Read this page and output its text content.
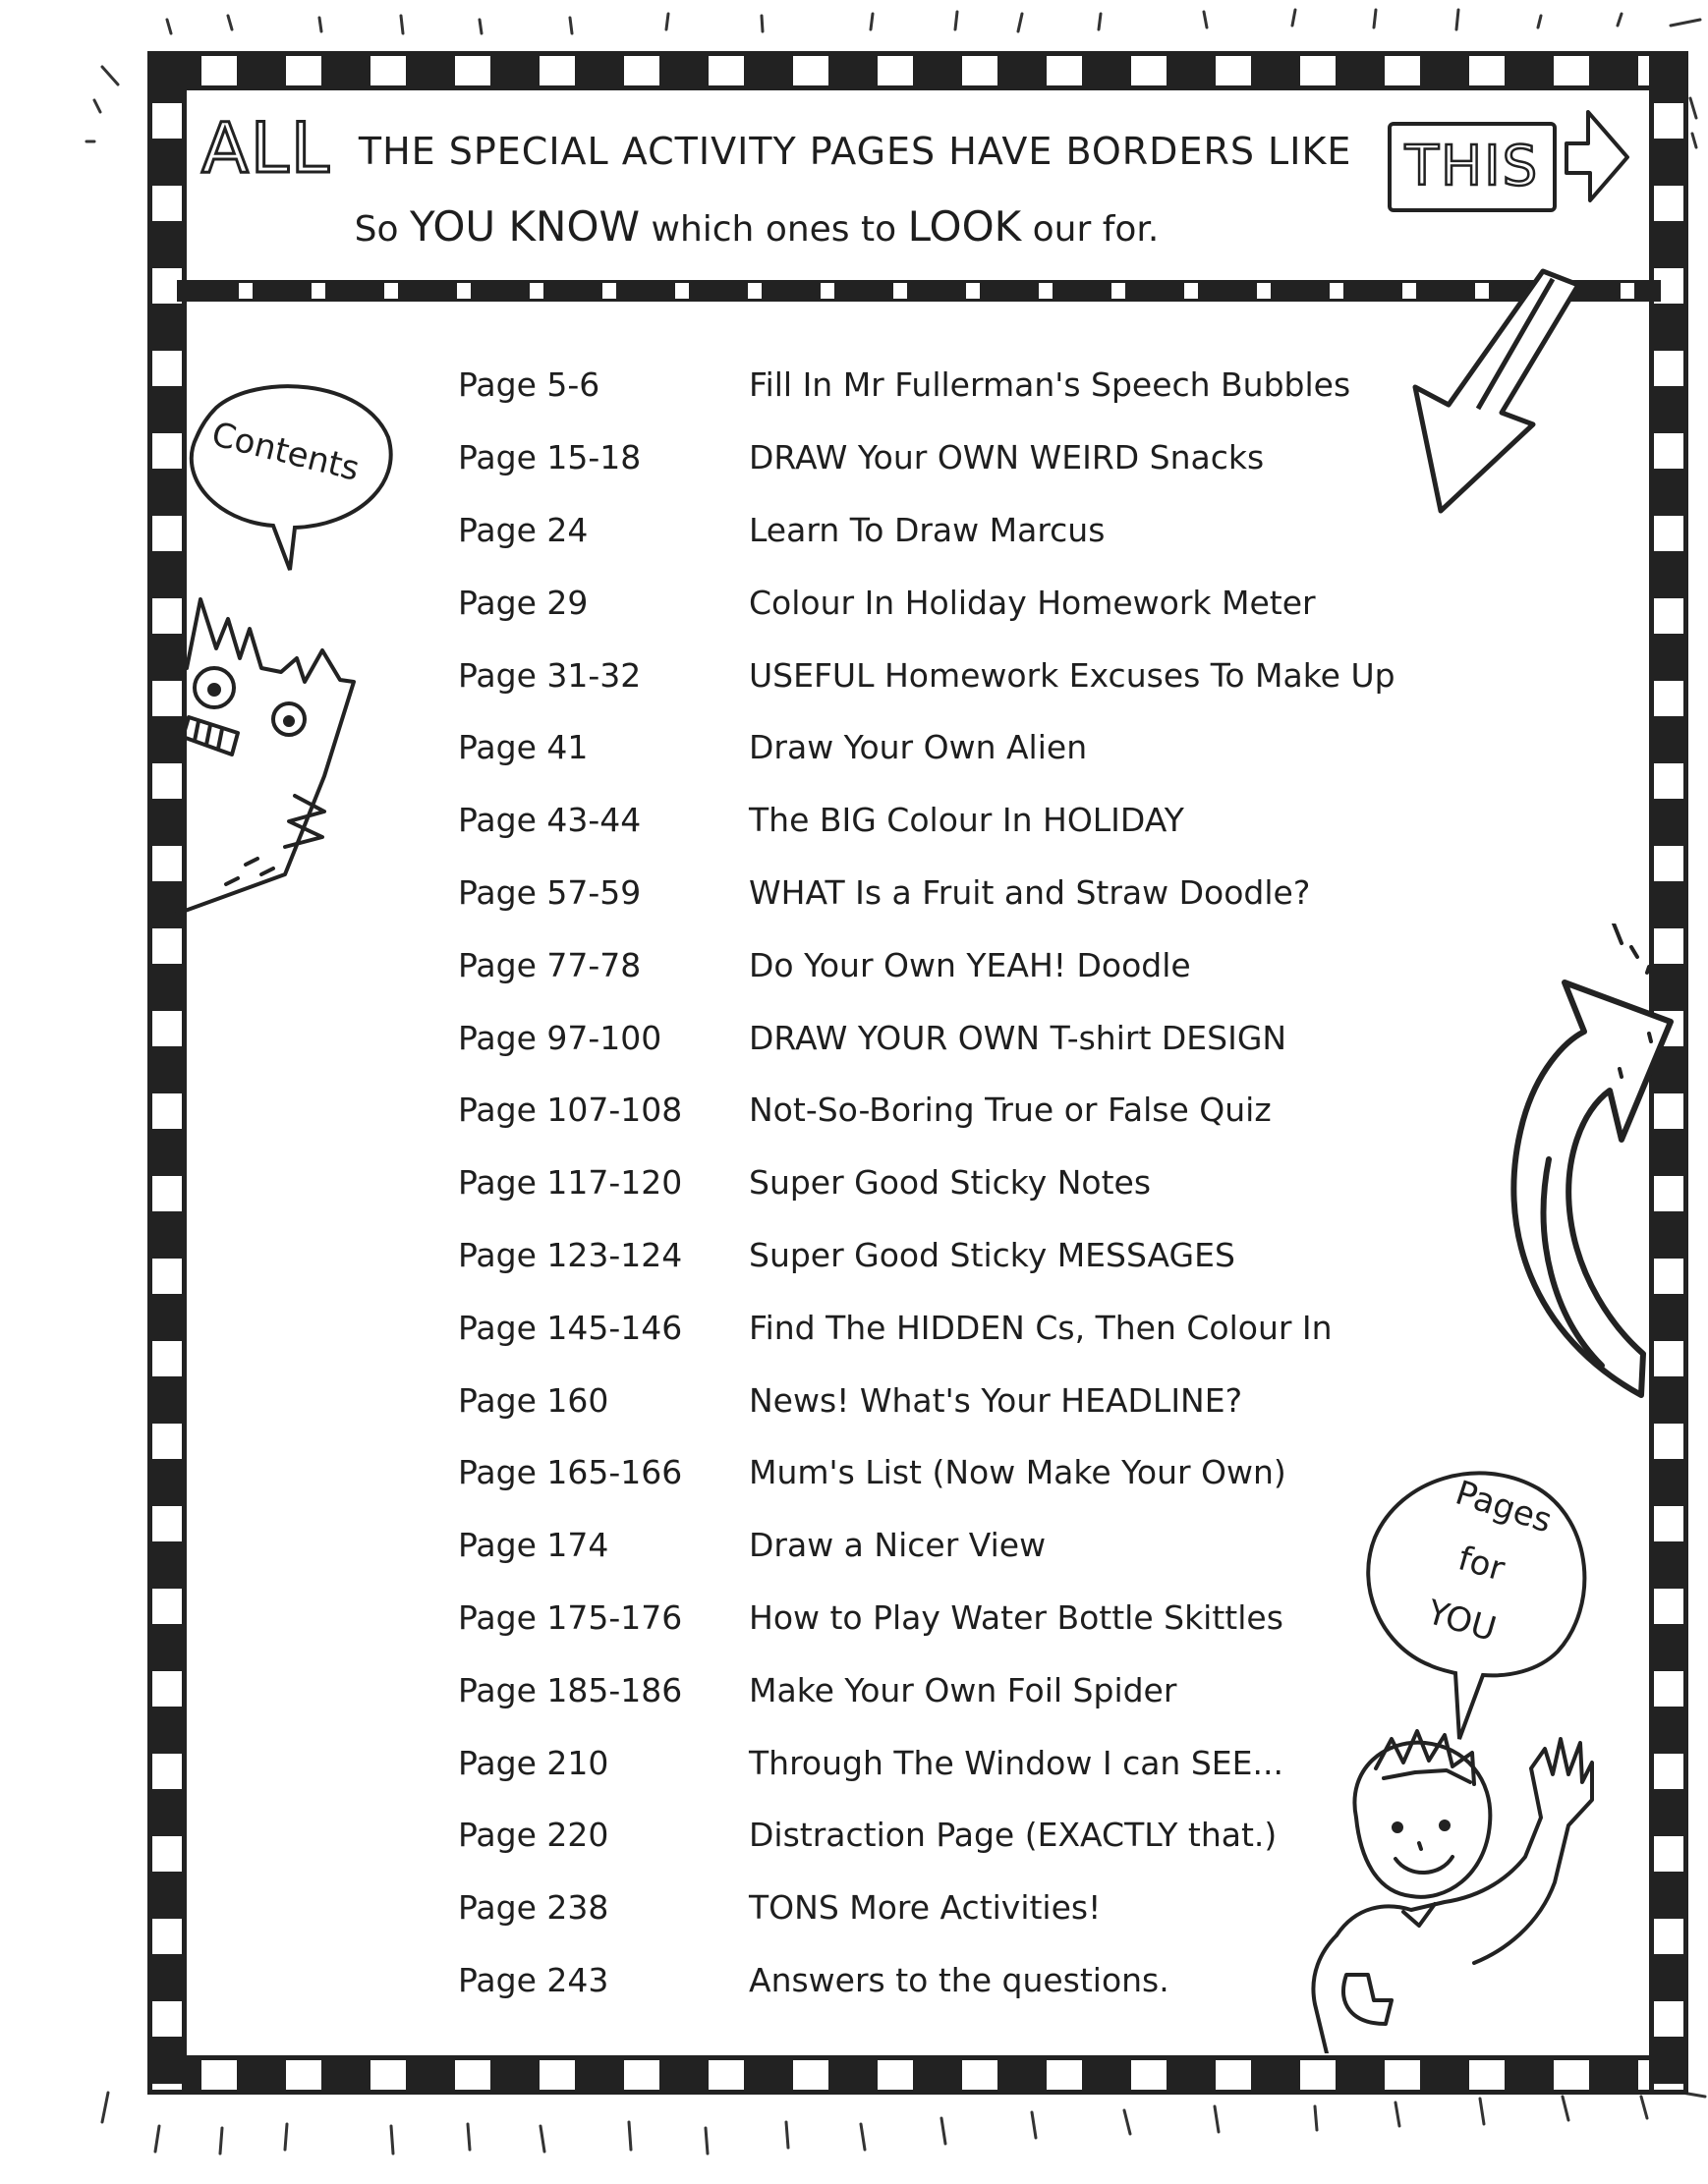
ALL THE SPECIAL ACTIVITY PAGES HAVE BORDERS LIKE THIS
So YOU KNOW which ones to LOOK our for.
Contents
Pages
for
YOU
Page 5-6	Fill In Mr Fullerman's Speech Bubbles
Page 15-18	DRAW Your OWN WEIRD Snacks
Page 24	Learn To Draw Marcus
Page 29	Colour In Holiday Homework Meter
Page 31-32	USEFUL Homework Excuses To Make Up
Page 41	Draw Your Own Alien
Page 43-44	The BIG Colour In HOLIDAY
Page 57-59	WHAT Is a Fruit and Straw Doodle?
Page 77-78	Do Your Own YEAH! Doodle
Page 97-100	DRAW YOUR OWN T-shirt DESIGN
Page 107-108	Not-So-Boring True or False Quiz
Page 117-120	Super Good Sticky Notes
Page 123-124	Super Good Sticky MESSAGES
Page 145-146	Find The HIDDEN Cs, Then Colour In
Page 160	News! What's Your HEADLINE?
Page 165-166	Mum's List (Now Make Your Own)
Page 174	Draw a Nicer View
Page 175-176	How to Play Water Bottle Skittles
Page 185-186	Make Your Own Foil Spider
Page 210	Through The Window I can SEE...
Page 220	Distraction Page (EXACTLY that.)
Page 238	TONS More Activities!
Page 243	Answers to the questions.
